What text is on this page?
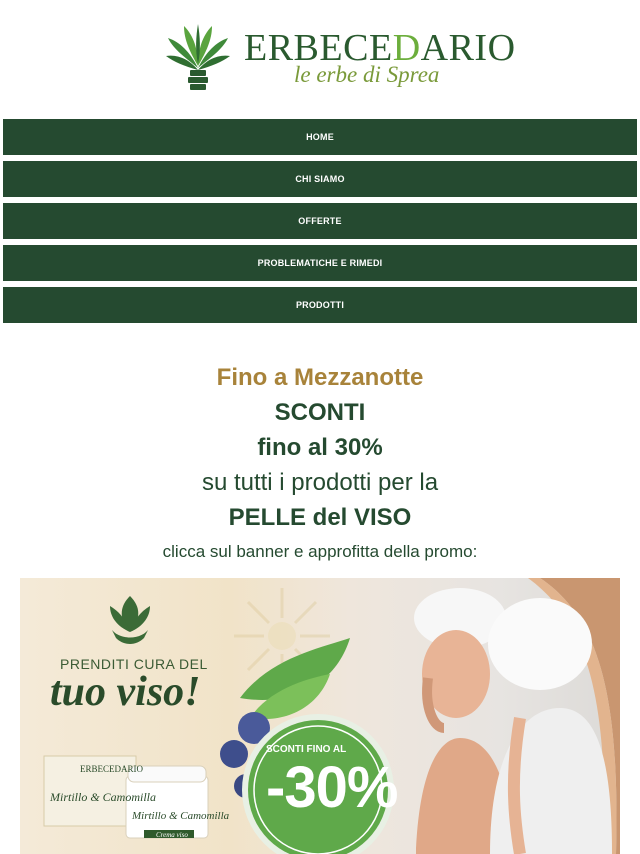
ERBECEDARIO
le erbe di Sprea
HOME
CHI SIAMO
OFFERTE
PROBLEMATICHE E RIMEDI
PRODOTTI
Fino a Mezzanotte
SCONTI
fino al 30%
su tutti i prodotti per la
PELLE del VISO
clicca sul banner e approfitta della promo:
PRENDITI CURA DEL
tuo viso!
ERBECEDARIO
Mirtillo & Camomilla
Mirtillo & Camomilla
Crema viso
SCONTI FINO AL
-30%
